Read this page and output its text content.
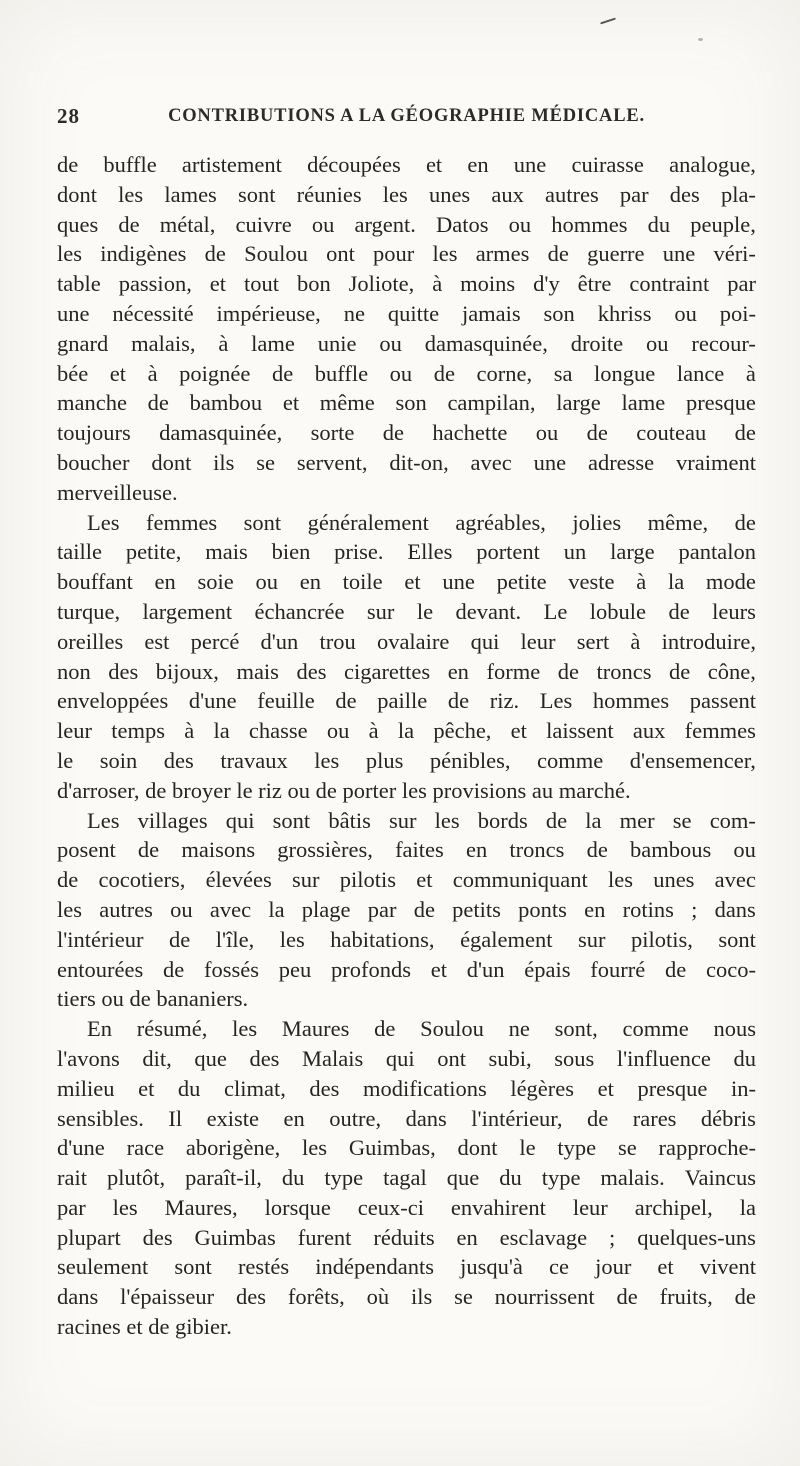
28	CONTRIBUTIONS A LA GÉOGRAPHIE MÉDICALE.
de buffle artistement découpées et en une cuirasse analogue,
dont les lames sont réunies les unes aux autres par des pla-
ques de métal, cuivre ou argent. Datos ou hommes du peuple,
les indigènes de Soulou ont pour les armes de guerre une véri-
table passion, et tout bon Joliote, à moins d'y être contraint par
une nécessité impérieuse, ne quitte jamais son khriss ou poi-
gnard malais, à lame unie ou damasquinée, droite ou recour-
bée et à poignée de buffle ou de corne, sa longue lance à
manche de bambou et même son campilan, large lame presque
toujours damasquinée, sorte de hachette ou de couteau de
boucher dont ils se servent, dit-on, avec une adresse vraiment
merveilleuse.
Les femmes sont généralement agréables, jolies même, de
taille petite, mais bien prise. Elles portent un large pantalon
bouffant en soie ou en toile et une petite veste à la mode
turque, largement échancrée sur le devant. Le lobule de leurs
oreilles est percé d'un trou ovalaire qui leur sert à introduire,
non des bijoux, mais des cigarettes en forme de troncs de cône,
enveloppées d'une feuille de paille de riz. Les hommes passent
leur temps à la chasse ou à la pêche, et laissent aux femmes
le soin des travaux les plus pénibles, comme d'ensemencer,
d'arroser, de broyer le riz ou de porter les provisions au marché.
Les villages qui sont bâtis sur les bords de la mer se com-
posent de maisons grossières, faites en troncs de bambous ou
de cocotiers, élevées sur pilotis et communiquant les unes avec
les autres ou avec la plage par de petits ponts en rotins ; dans
l'intérieur de l'île, les habitations, également sur pilotis, sont
entourées de fossés peu profonds et d'un épais fourré de coco-
tiers ou de bananiers.
En résumé, les Maures de Soulou ne sont, comme nous
l'avons dit, que des Malais qui ont subi, sous l'influence du
milieu et du climat, des modifications légères et presque in-
sensibles. Il existe en outre, dans l'intérieur, de rares débris
d'une race aborigène, les Guimbas, dont le type se rapproche-
rait plutôt, paraît-il, du type tagal que du type malais. Vaincus
par les Maures, lorsque ceux-ci envahirent leur archipel, la
plupart des Guimbas furent réduits en esclavage ; quelques-uns
seulement sont restés indépendants jusqu'à ce jour et vivent
dans l'épaisseur des forêts, où ils se nourrissent de fruits, de
racines et de gibier.
